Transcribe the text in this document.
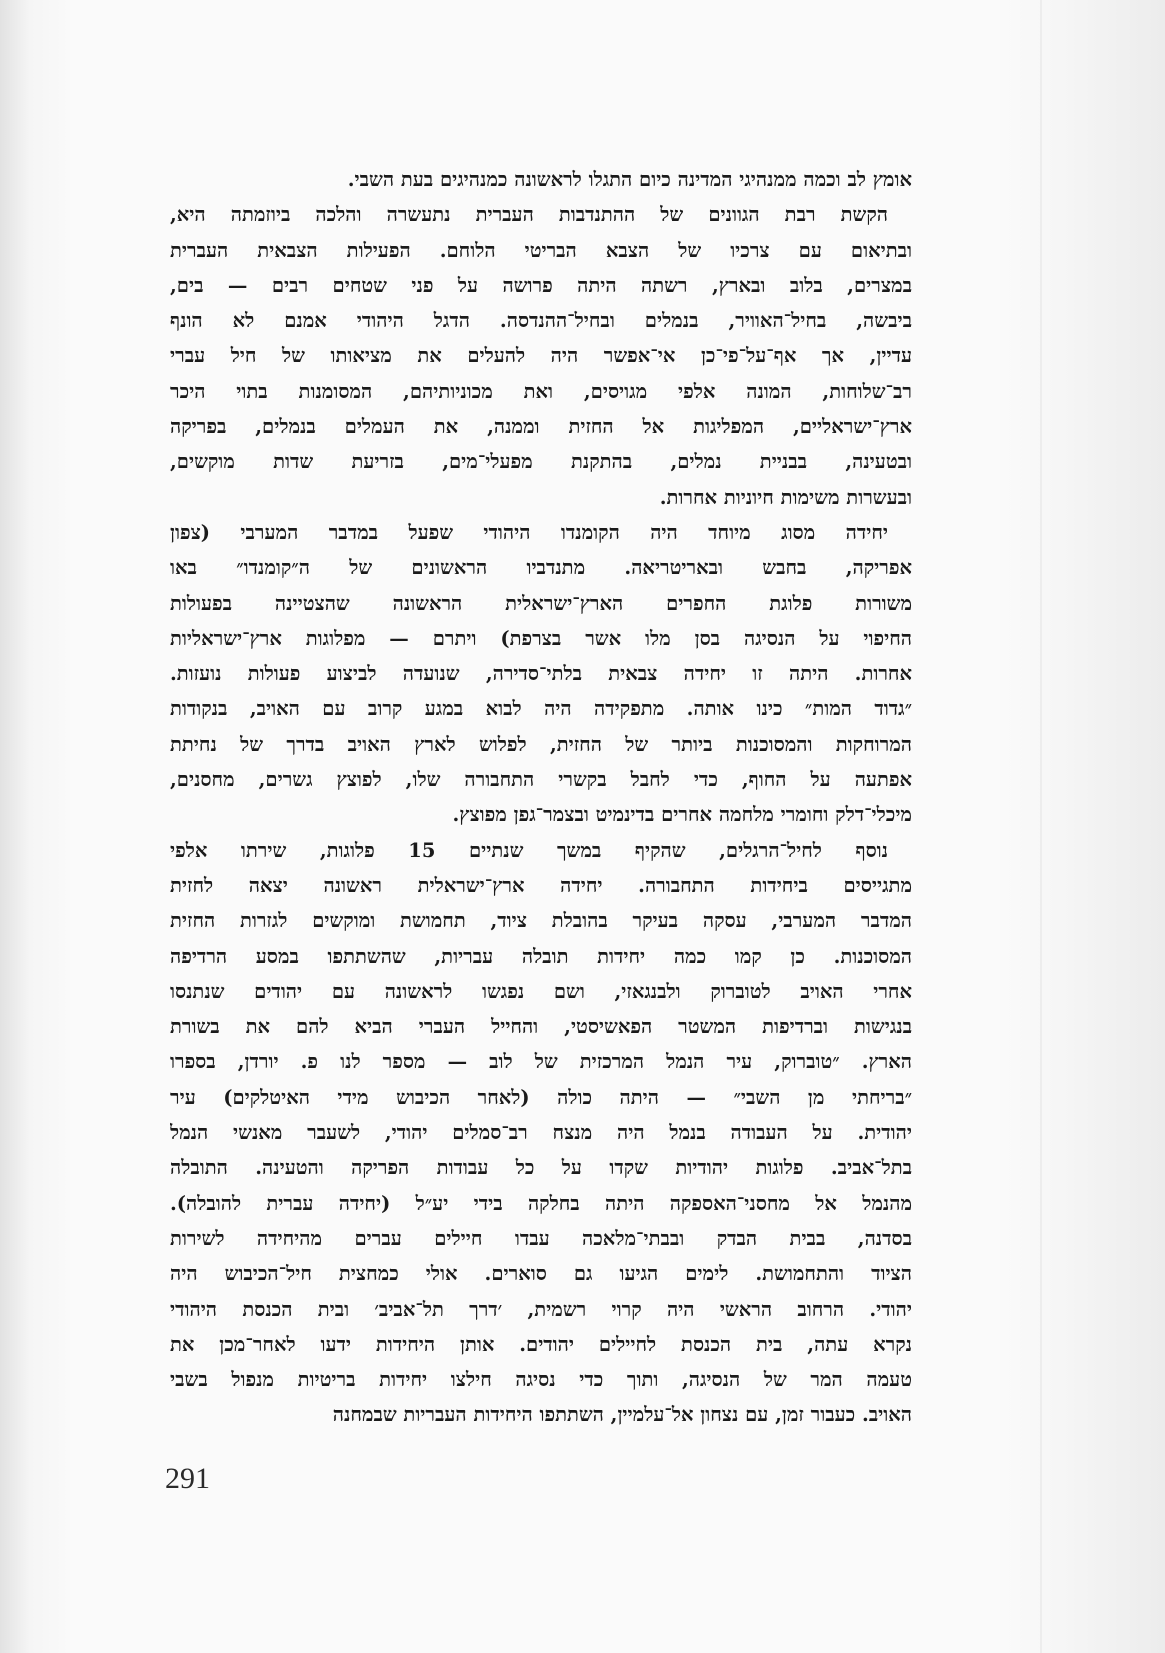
אומץ לב וכמה ממנהיגי המדינה כיום התגלו לראשונה כמנהיגים בעת השבי.
הקשת רבת הגוונים של ההתנדבות העברית נתעשרה והלכה ביוזמתה היא,
ובתיאום עם צרכיו של הצבא הבריטי הלוחם. הפעילות הצבאית העברית
במצרים, בלוב ובארץ, רשתה היתה פרושה על פני שטחים רבים — בים,
ביבשה, בחיל־האוויר, בנמלים ובחיל־ההנדסה. הדגל היהודי אמנם לא הונף
עדיין, אך אף־על־פי־כן אי־אפשר היה להעלים את מציאותו של חיל עברי
רב־שלוחות, המונה אלפי מגויסים, ואת מכוניותיהם, המסומנות בתוי היכר
ארץ־ישראליים, המפליגות אל החזית וממנה, את העמלים בנמלים, בפריקה
ובטעינה, בבניית נמלים, בהתקנת מפעלי־מים, בזריעת שדות מוקשים,
ובעשרות משימות חיוניות אחרות.
יחידה מסוג מיוחד היה הקומנדו היהודי שפעל במדבר המערבי (צפון
אפריקה, בחבש ובאריטריאה. מתנדביו הראשונים של ה״קומנדו״ באו
משורות פלוגת החפרים הארץ־ישראלית הראשונה שהצטיינה בפעולות
החיפוי על הנסיגה בסן מלו אשר בצרפת) ויתרם — מפלוגות ארץ־ישראליות
אחרות. היתה זו יחידה צבאית בלתי־סדירה, שנועדה לביצוע פעולות נועזות.
״גדוד המות״ כינו אותה. מתפקידה היה לבוא במגע קרוב עם האויב, בנקודות
המרוחקות והמסוכנות ביותר של החזית, לפלוש לארץ האויב בדרך של נחיתת
אפתעה על החוף, כדי לחבל בקשרי התחבורה שלו, לפוצץ גשרים, מחסנים,
מיכלי־דלק וחומרי מלחמה אחרים בדינמיט ובצמר־גפן מפוצץ.
נוסף לחיל־הרגלים, שהקיף במשך שנתיים 15 פלוגות, שירתו אלפי
מתגייסים ביחידות התחבורה. יחידה ארץ־ישראלית ראשונה יצאה לחזית
המדבר המערבי, עסקה בעיקר בהובלת ציוד, תחמושת ומוקשים לגזרות החזית
המסוכנות. כן קמו כמה יחידות תובלה עבריות, שהשתתפו במסע הרדיפה
אחרי האויב לטוברוק ולבנגאזי, ושם נפגשו לראשונה עם יהודים שנתנסו
בנגישות וברדיפות המשטר הפאשיסטי, והחייל העברי הביא להם את בשורת
הארץ. ״טוברוק, עיר הנמל המרכזית של לוב — מספר לנו פ. יורדן, בספרו
״בריחתי מן השבי״ — היתה כולה (לאחר הכיבוש מידי האיטלקים) עיר
יהודית. על העבודה בנמל היה מנצח רב־סמלים יהודי, לשעבר מאנשי הנמל
בתל־אביב. פלוגות יהודיות שקדו על כל עבודות הפריקה והטעינה. התובלה
מהנמל אל מחסני־האספקה היתה בחלקה בידי יע״ל (יחידה עברית להובלה).
בסדנה, בבית הבדק ובבתי־מלאכה עבדו חיילים עברים מהיחידה לשירות
הציוד והתחמושת. לימים הגיעו גם סוארים. אולי כמחצית חיל־הכיבוש היה
יהודי. הרחוב הראשי היה קרוי רשמית, ׳דרך תל־אביב׳ ובית הכנסת היהודי
נקרא עתה, בית הכנסת לחיילים יהודים. אותן היחידות ידעו לאחר־מכן את
טעמה המר של הנסיגה, ותוך כדי נסיגה חילצו יחידות בריטיות מנפול בשבי
האויב. כעבור זמן, עם נצחון אל־עלמיין, השתתפו היחידות העבריות שבמחנה
291
